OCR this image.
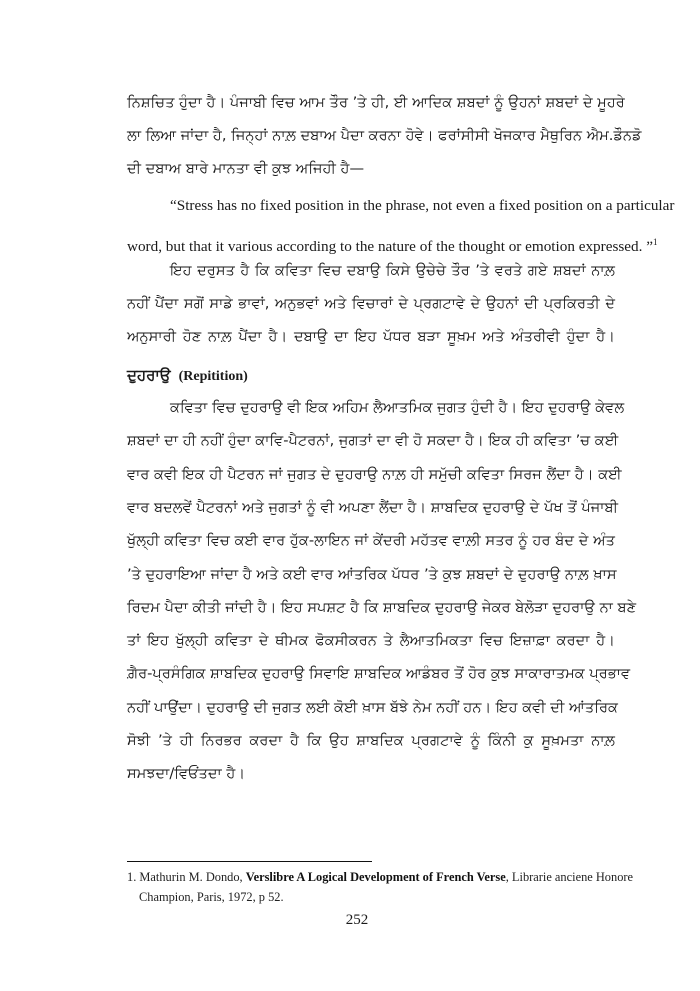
ਨਿਸ਼ਚਿਤ ਹੁੰਦਾ ਹੈ। ਪੰਜਾਬੀ ਵਿਚ ਆਮ ਤੌਰ ’ਤੇ ਹੀ, ਈ ਆਦਿਕ ਸ਼ਬਦਾਂ ਨੂੰ ਉਹਨਾਂ ਸ਼ਬਦਾਂ ਦੇ ਮੂਹਰੇ
ਲਾ ਲਿਆ ਜਾਂਦਾ ਹੈ, ਜਿਨ੍ਹਾਂ ਨਾਲ਼ ਦਬਾਅ ਪੈਦਾ ਕਰਨਾ ਹੋਵੇ। ਫਰਾਂਸੀਸੀ ਖੋਜਕਾਰ ਮੈਥੁਰਿਨ ਐਮ.ਡੌਨਡੋ
ਦੀ ਦਬਾਅ ਬਾਰੇ ਮਾਨਤਾ ਵੀ ਕੁਝ ਅਜਿਹੀ ਹੈ—
“Stress has no fixed position in the phrase, not even a fixed position on a particular
word, but that it various according to the nature of the thought or emotion expressed. ”$^1$
ਇਹ ਦਰੁਸਤ ਹੈ ਕਿ ਕਵਿਤਾ ਵਿਚ ਦਬਾਉ ਕਿਸੇ ਉਚੇਚੇ ਤੌਰ ’ਤੇ ਵਰਤੇ ਗਏ ਸ਼ਬਦਾਂ ਨਾਲ਼
ਨਹੀਂ ਪੈਂਦਾ ਸਗੋਂ ਸਾਡੇ ਭਾਵਾਂ, ਅਨੁਭਵਾਂ ਅਤੇ ਵਿਚਾਰਾਂ ਦੇ ਪ੍ਰਗਟਾਵੇ ਦੇ ਉਹਨਾਂ ਦੀ ਪ੍ਰਕਿਰਤੀ ਦੇ
ਅਨੁਸਾਰੀ ਹੋਣ ਨਾਲ਼ ਪੈਂਦਾ ਹੈ। ਦਬਾਉ ਦਾ ਇਹ ਪੱਧਰ ਬੜਾ ਸੂਖ਼ਮ ਅਤੇ ਅੰਤਰੀਵੀ ਹੁੰਦਾ ਹੈ।
ਦੁਹਰਾਉ (Repitition)
ਕਵਿਤਾ ਵਿਚ ਦੁਹਰਾਉ ਵੀ ਇਕ ਅਹਿਮ ਲੈਆਤਮਿਕ ਜੁਗਤ ਹੁੰਦੀ ਹੈ। ਇਹ ਦੁਹਰਾਉ ਕੇਵਲ
ਸ਼ਬਦਾਂ ਦਾ ਹੀ ਨਹੀਂ ਹੁੰਦਾ ਕਾਵਿ-ਪੈਟਰਨਾਂ, ਜੁਗਤਾਂ ਦਾ ਵੀ ਹੋ ਸਕਦਾ ਹੈ। ਇਕ ਹੀ ਕਵਿਤਾ ’ਚ ਕਈ
ਵਾਰ ਕਵੀ ਇਕ ਹੀ ਪੈਟਰਨ ਜਾਂ ਜੁਗਤ ਦੇ ਦੁਹਰਾਉ ਨਾਲ਼ ਹੀ ਸਮੁੱਚੀ ਕਵਿਤਾ ਸਿਰਜ ਲੈਂਦਾ ਹੈ। ਕਈ
ਵਾਰ ਬਦਲਵੇਂ ਪੈਟਰਨਾਂ ਅਤੇ ਜੁਗਤਾਂ ਨੂੰ ਵੀ ਅਪਣਾ ਲੈਂਦਾ ਹੈ। ਸ਼ਾਬਦਿਕ ਦੁਹਰਾਉ ਦੇ ਪੱਖ ਤੋਂ ਪੰਜਾਬੀ
ਖੁੱਲ੍ਹੀ ਕਵਿਤਾ ਵਿਚ ਕਈ ਵਾਰ ਹੁੱਕ-ਲਾਇਨ ਜਾਂ ਕੇਂਦਰੀ ਮਹੱਤਵ ਵਾਲ਼ੀ ਸਤਰ ਨੂੰ ਹਰ ਬੰਦ ਦੇ ਅੰਤ
’ਤੇ ਦੁਹਰਾਇਆ ਜਾਂਦਾ ਹੈ ਅਤੇ ਕਈ ਵਾਰ ਆਂਤਰਿਕ ਪੱਧਰ ’ਤੇ ਕੁਝ ਸ਼ਬਦਾਂ ਦੇ ਦੁਹਰਾਉ ਨਾਲ਼ ਖ਼ਾਸ
ਰਿਦਮ ਪੈਦਾ ਕੀਤੀ ਜਾਂਦੀ ਹੈ। ਇਹ ਸਪਸ਼ਟ ਹੈ ਕਿ ਸ਼ਾਬਦਿਕ ਦੁਹਰਾਉ ਜੇਕਰ ਬੇਲੋੜਾ ਦੁਹਰਾਉ ਨਾ ਬਣੇ
ਤਾਂ ਇਹ ਖੁੱਲ੍ਹੀ ਕਵਿਤਾ ਦੇ ਥੀਮਕ ਫੋਕਸੀਕਰਨ ਤੇ ਲੈਆਤਮਿਕਤਾ ਵਿਚ ਇਜ਼ਾਫ਼ਾ ਕਰਦਾ ਹੈ।
ਗ਼ੈਰ-ਪ੍ਰਸੰਗਿਕ ਸ਼ਾਬਦਿਕ ਦੁਹਰਾਉ ਸਿਵਾਇ ਸ਼ਾਬਦਿਕ ਆਡੰਬਰ ਤੋਂ ਹੋਰ ਕੁਝ ਸਾਕਾਰਾਤਮਕ ਪ੍ਰਭਾਵ
ਨਹੀਂ ਪਾਉਂਦਾ। ਦੁਹਰਾਉ ਦੀ ਜੁਗਤ ਲਈ ਕੋਈ ਖ਼ਾਸ ਬੱਝੇ ਨੇਮ ਨਹੀਂ ਹਨ। ਇਹ ਕਵੀ ਦੀ ਆਂਤਰਿਕ
ਸੋਝੀ ’ਤੇ ਹੀ ਨਿਰਭਰ ਕਰਦਾ ਹੈ ਕਿ ਉਹ ਸ਼ਾਬਦਿਕ ਪ੍ਰਗਟਾਵੇ ਨੂੰ ਕਿੰਨੀ ਕੁ ਸੂਖ਼ਮਤਾ ਨਾਲ਼
ਸਮਝਦਾ/ਵਿਓਂਤਦਾ ਹੈ।
1. Mathurin M. Dondo, Verslibre A Logical Development of French Verse, Librarie anciene Honore
Champion, Paris, 1972, p 52.
252
